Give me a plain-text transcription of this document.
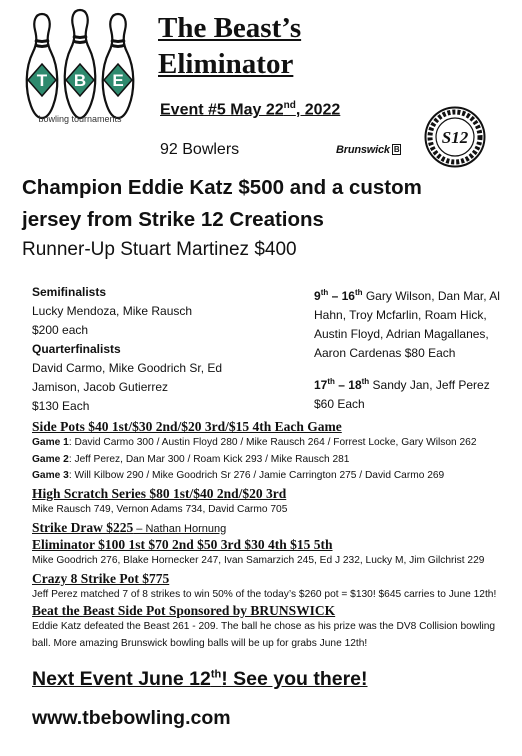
T B E
bowling tournaments
The Beast’s
Eliminator
Event #5 May 22nd, 2022
92 Bowlers	Brunswick B
S12
Champion Eddie Katz $500 and a custom
jersey from Strike 12 Creations
Runner-Up Stuart Martinez $400
Semifinalists
Lucky Mendoza, Mike Rausch
$200 each
Quarterfinalists
David Carmo, Mike Goodrich Sr, Ed
Jamison, Jacob Gutierrez
$130 Each
9th – 16th Gary Wilson, Dan Mar, Al
Hahn, Troy Mcfarlin, Roam Hick,
Austin Floyd, Adrian Magallanes,
Aaron Cardenas $80 Each
17th – 18th Sandy Jan, Jeff Perez
$60 Each
Side Pots $40 1st/$30 2nd/$20 3rd/$15 4th Each Game
Game 1: David Carmo 300 / Austin Floyd 280 / Mike Rausch 264 / Forrest Locke, Gary Wilson 262
Game 2: Jeff Perez, Dan Mar 300 / Roam Kick 293 / Mike Rausch 281
Game 3: Will Kilbow 290 / Mike Goodrich Sr 276 / Jamie Carrington 275 / David Carmo 269
High Scratch Series $80 1st/$40 2nd/$20 3rd
Mike Rausch 749, Vernon Adams 734, David Carmo 705
Strike Draw $225 – Nathan Hornung
Eliminator $100 1st $70 2nd $50 3rd $30 4th $15 5th
Mike Goodrich 276, Blake Hornecker 247, Ivan Samarzich 245, Ed J 232, Lucky M, Jim Gilchrist 229
Crazy 8 Strike Pot $775
Jeff Perez matched 7 of 8 strikes to win 50% of the today’s $260 pot = $130! $645 carries to June 12th!
Beat the Beast Side Pot Sponsored by BRUNSWICK
Eddie Katz defeated the Beast 261 - 209. The ball he chose as his prize was the DV8 Collision bowling ball. More amazing Brunswick bowling balls will be up for grabs June 12th!
Next Event June 12th! See you there!
www.tbebowling.com
